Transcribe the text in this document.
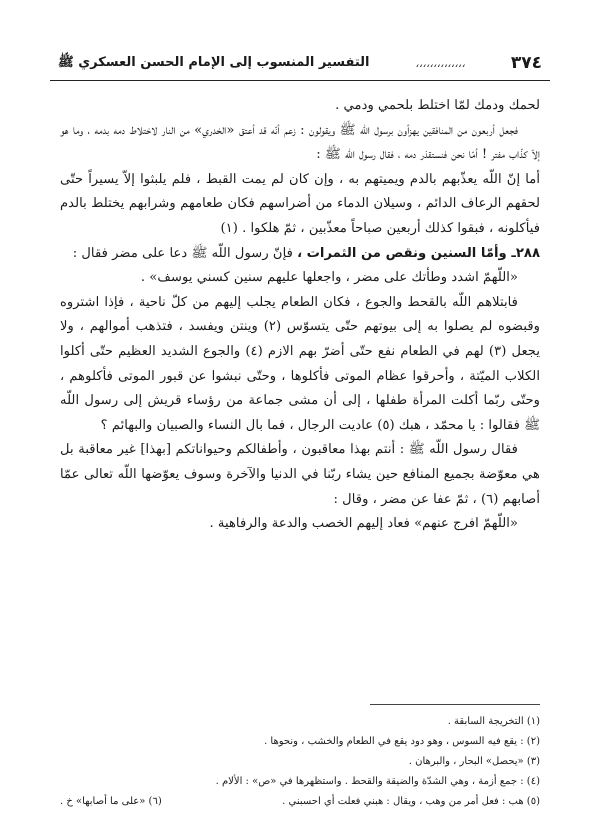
٣٧٤
،،،،،،،،،،،،،،
التفسير المنسوب إلى الإمام الحسن العسكري ﷺ

لحمك ودمك لمّا اختلط بلحمي ودمي .

فجعل أربعون من المنافقين يهزأون برسول اللّه ﷺ ويقولون : زعم أنّه قد أعتق «الخدري» من النار لاختلاط دمه بدمه ، وما هو إلاّ كذّاب مفتر ! أمّا نحن فنستقذر دمه ، فقال رسول اللّه ﷺ :

أما إنّ اللّه يعذّبهم بالدم ويميتهم به ، وإن كان لم يمت القبط ، فلم يلبثوا إلاّ يسيراً حتّى لحقهم الرعاف الدائم ، وسيلان الدماء من أضراسهم فكان طعامهم وشرابهم يختلط بالدم فيأكلونه ، فبقوا كذلك أربعين صباحاً معذّبين ، ثمّ هلكوا . (١)

٢٨٨ـ وأمّا السنين ونقص من الثمرات ، فإنّ رسول اللّه ﷺ دعا على مضر فقال :

«اللّهمّ اشدد وطأتك على مضر ، واجعلها عليهم سنين كسني يوسف» .

فابتلاهم اللّه بالقحط والجوع ، فكان الطعام يجلب إليهم من كلّ ناحية ، فإذا اشتروه وقبضوه لم يصلوا به إلى بيوتهم حتّى يتسوّس (٢) وينتن ويفسد ، فتذهب أموالهم ، ولا يجعل (٣) لهم في الطعام نفع حتّى أضرّ بهم الازم (٤) والجوع الشديد العظيم حتّى أكلوا الكلاب الميّتة ، وأحرقوا عظام الموتى فأكلوها ، وحتّى نبشوا عن قبور الموتى فأكلوهم ، وحتّى ربّما أكلت المرأة طفلها ، إلى أن مشى جماعة من رؤساء قريش إلى رسول اللّه ﷺ فقالوا : يا محمّد ، هبك (٥) عاديت الرجال ، فما بال النساء والصبيان والبهائم ؟

فقال رسول اللّه ﷺ : أنتم بهذا معاقبون ، وأطفالكم وحيواناتكم [بهذا] غير معاقبة بل هي معوّضة بجميع المنافع حين يشاء ربّنا في الدنيا والآخرة وسوف يعوّضها اللّه تعالى عمّا أصابهم (٦) ، ثمّ عفا عن مضر ، وقال :

«اللّهمّ افرج عنهم» فعاد إليهم الخصب والدعة والرفاهية .

(١) التخريجة السابقة .

(٢) : يقع فيه السوس ، وهو دود يقع في الطعام والخشب ، ونحوها .

(٣) «يحصل» البحار ، والبرهان .

(٤) : جمع أزمة ، وهي الشدّة والضيقة والقحط . واستظهرها في «ص» : الألام .

(٥) هب : فعل أمر من وهب ، ويقال : هبني فعلت أي احسبني .
(٦) «على ما أصابها» خ .
